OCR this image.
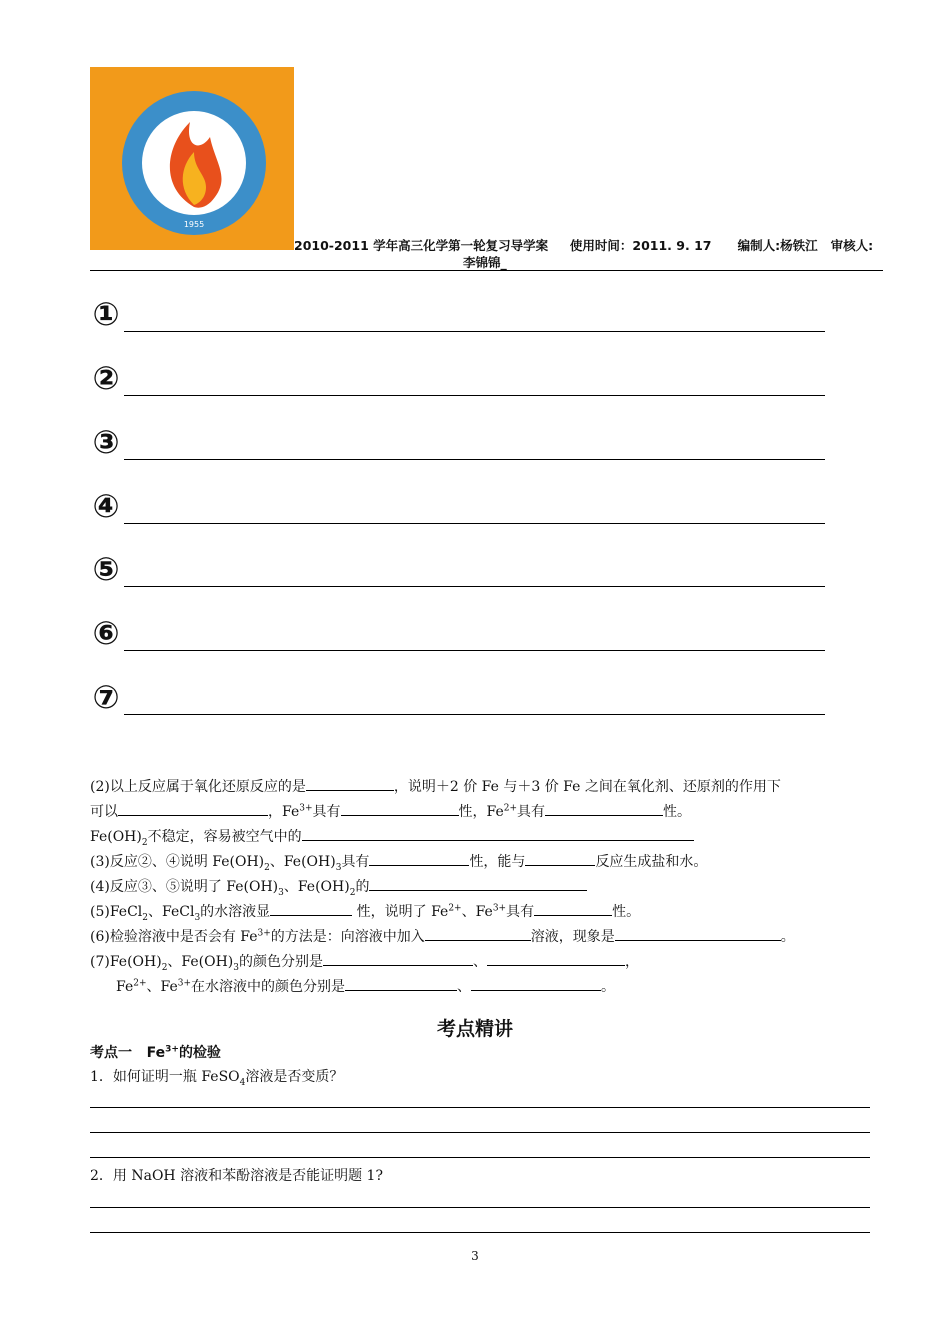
1955
2010-2011 学年高三化学第一轮复习导学案 使用时间：2011. 9. 17 编制人:杨铁江 审核人:
李锦锦_
①
②
③
④
⑤
⑥
⑦
(2)以上反应属于氧化还原反应的是	，说明＋2 价 Fe 与＋3 价 Fe 之间在氧化剂、还原剂的作用下
可以	，$Fe^{3+}$具有	性，$Fe^{2+}$具有	性。
$Fe(OH)_2$不稳定，容易被空气中的
(3)反应②、④说明 $Fe(OH)_2$、$Fe(OH)_3$具有	性，能与	反应生成盐和水。
(4)反应③、⑤说明了 $Fe(OH)_3$、$Fe(OH)_2$的
(5)FeCl$_2$、FeCl$_3$的水溶液显	性，说明了 $Fe^{2+}$、$Fe^{3+}$具有	性。
(6)检验溶液中是否会有 $Fe^{3+}$的方法是：向溶液中加入	溶液，现象是	。
$(7)Fe(OH)_2$、$Fe(OH)_3$的颜色分别是	、	，
$Fe^{2+}$、$Fe^{3+}$在水溶液中的颜色分别是	、	。
考点精讲
考点一 $Fe^{3+}$的检验
1．如何证明一瓶 FeSO$_4$溶液是否变质？
2．用 NaOH 溶液和苯酚溶液是否能证明题 1?
3
